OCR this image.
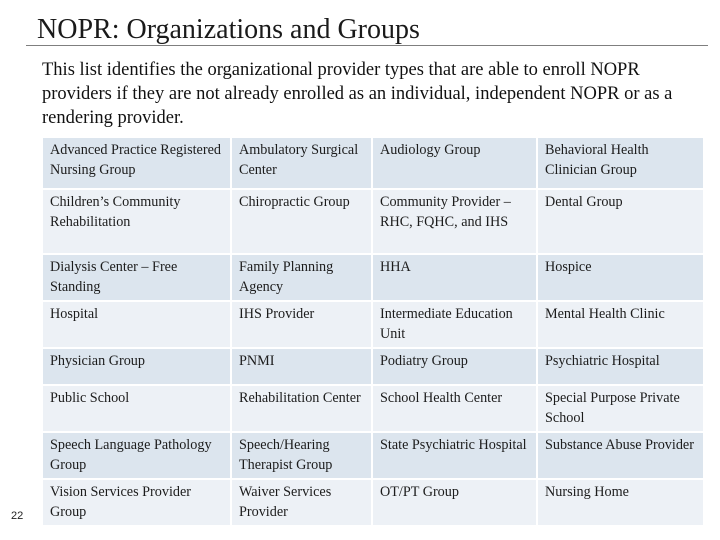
NOPR: Organizations and Groups
This list identifies the organizational provider types that are able to enroll NOPR providers if they are not already enrolled as an individual, independent NOPR or as a rendering provider.
Advanced Practice Registered Nursing Group	Ambulatory Surgical Center	Audiology Group	Behavioral Health Clinician Group
Children’s Community Rehabilitation	Chiropractic Group	Community Provider – RHC, FQHC, and IHS	Dental Group
Dialysis Center – Free Standing	Family Planning Agency	HHA	Hospice
Hospital	IHS Provider	Intermediate Education Unit	Mental Health Clinic
Physician Group	PNMI	Podiatry Group	Psychiatric Hospital
Public School	Rehabilitation Center	School Health Center	Special Purpose Private School
Speech Language Pathology Group	Speech/Hearing Therapist Group	State Psychiatric Hospital	Substance Abuse Provider
Vision Services Provider Group	Waiver Services Provider	OT/PT Group	Nursing Home
22
